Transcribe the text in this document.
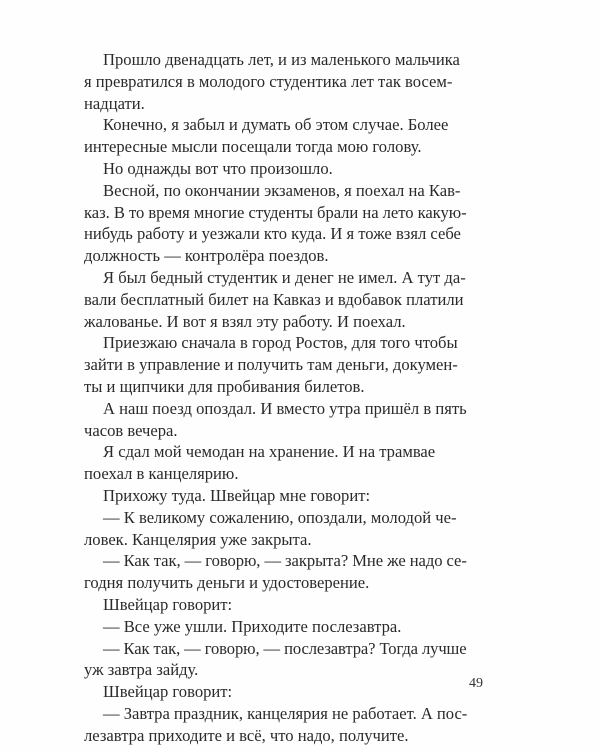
Прошло двенадцать лет, и из маленького мальчика
я превратился в молодого студентика лет так восем-
надцати.
Конечно, я забыл и думать об этом случае. Более
интересные мысли посещали тогда мою голову.
Но однажды вот что произошло.
Весной, по окончании экзаменов, я поехал на Кав-
каз. В то время многие студенты брали на лето какую-
нибудь работу и уезжали кто куда. И я тоже взял себе
должность — контролёра поездов.
Я был бедный студентик и денег не имел. А тут да-
вали бесплатный билет на Кавказ и вдобавок платили
жалованье. И вот я взял эту работу. И поехал.
Приезжаю сначала в город Ростов, для того чтобы
зайти в управление и получить там деньги, докумен-
ты и щипчики для пробивания билетов.
А наш поезд опоздал. И вместо утра пришёл в пять
часов вечера.
Я сдал мой чемодан на хранение. И на трамвае
поехал в канцелярию.
Прихожу туда. Швейцар мне говорит:
— К великому сожалению, опоздали, молодой че-
ловек. Канцелярия уже закрыта.
— Как так, — говорю, — закрыта? Мне же надо се-
годня получить деньги и удостоверение.
Швейцар говорит:
— Все уже ушли. Приходите послезавтра.
— Как так, — говорю, — послезавтра? Тогда лучше
уж завтра зайду.
Швейцар говорит:
— Завтра праздник, канцелярия не работает. А пос-
лезавтра приходите и всё, что надо, получите.
49
